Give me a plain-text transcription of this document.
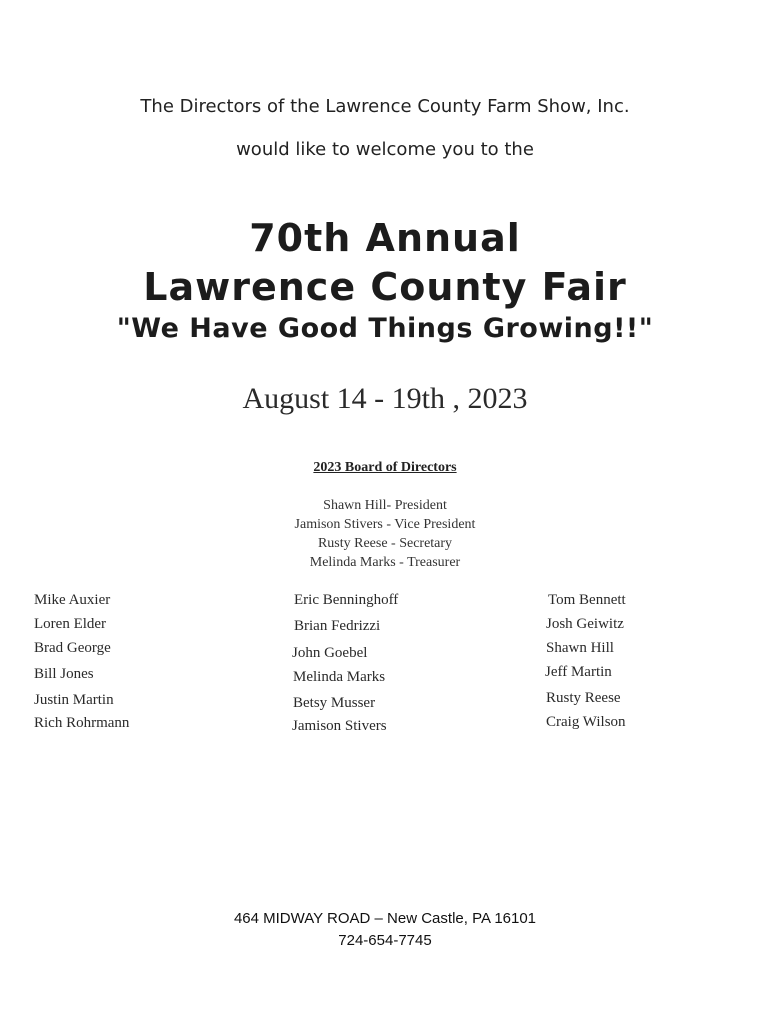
The Directors of the Lawrence County Farm Show, Inc.
would like to welcome you to the
70th Annual
Lawrence County Fair
"We Have Good Things Growing!!"
August 14 - 19th , 2023
2023 Board of Directors
Shawn Hill- President
Jamison Stivers - Vice President
Rusty Reese - Secretary
Melinda Marks - Treasurer
Mike Auxier
Loren Elder
Brad George
Bill Jones
Justin Martin
Rich Rohrmann
Eric Benninghoff
Brian Fedrizzi
John Goebel
Melinda Marks
Betsy Musser
Jamison Stivers
Tom Bennett
Josh Geiwitz
Shawn Hill
Jeff Martin
Rusty Reese
Craig Wilson
464 MIDWAY ROAD – New Castle, PA 16101
724-654-7745
